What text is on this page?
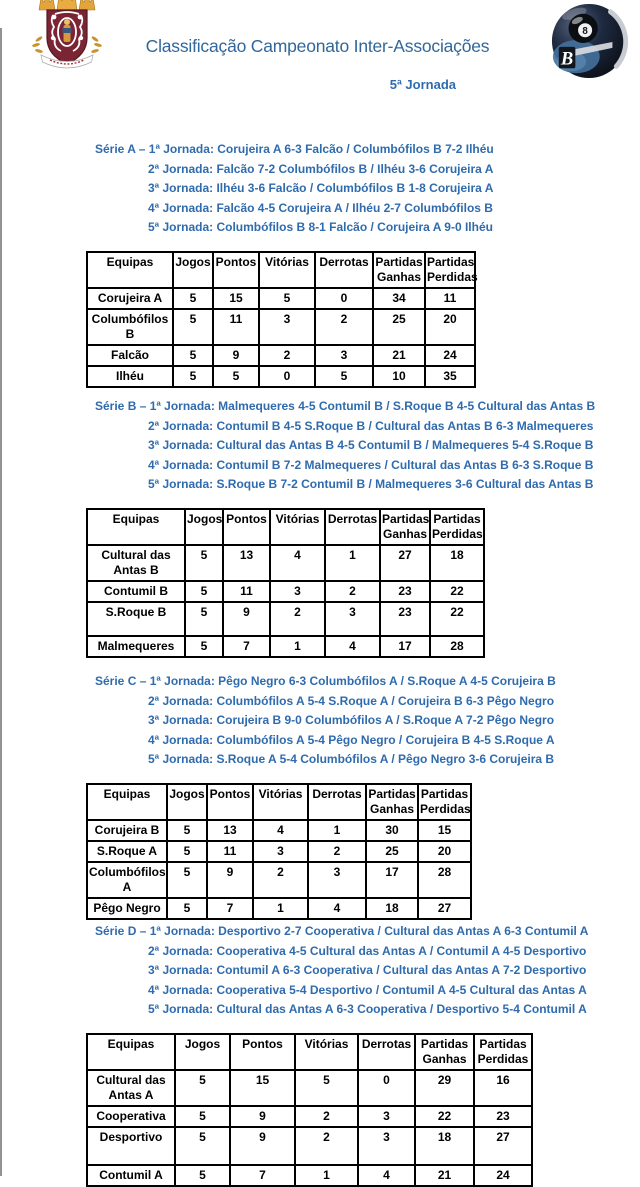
Classificação Campeonato Inter-Associações
8
B
5ª Jornada
Série A – 1ª Jornada: Corujeira A 6-3 Falcão / Columbófilos B 7-2 Ilhéu
2ª Jornada: Falcão 7-2 Columbófilos B / Ilhéu 3-6 Corujeira A
3ª Jornada: Ilhéu 3-6 Falcão / Columbófilos B 1-8 Corujeira A
4ª Jornada: Falcão 4-5 Corujeira A / Ilhéu 2-7 Columbófilos B
5ª Jornada: Columbófilos B 8-1 Falcão / Corujeira A 9-0 Ilhéu
Equipas	Jogos	Pontos	Vitórias	Derrotas	Partidas Ganhas	Partidas Perdidas
Corujeira A	5	15	5	0	34	11
Columbófilos B	5	11	3	2	25	20
Falcão	5	9	2	3	21	24
Ilhéu	5	5	0	5	10	35
Série B – 1ª Jornada: Malmequeres 4-5 Contumil B / S.Roque B 4-5 Cultural das Antas B
2ª Jornada: Contumil B 4-5 S.Roque B / Cultural das Antas B 6-3 Malmequeres
3ª Jornada: Cultural das Antas B 4-5 Contumil B / Malmequeres 5-4 S.Roque B
4ª Jornada: Contumil B 7-2 Malmequeres / Cultural das Antas B 6-3 S.Roque B
5ª Jornada: S.Roque B 7-2 Contumil B / Malmequeres 3-6 Cultural das Antas B
Equipas	Jogos	Pontos	Vitórias	Derrotas	Partidas Ganhas	Partidas Perdidas
Cultural das Antas B	5	13	4	1	27	18
Contumil B	5	11	3	2	23	22
S.Roque B	5	9	2	3	23	22
Malmequeres	5	7	1	4	17	28
Série C – 1ª Jornada: Pêgo Negro 6-3 Columbófilos A / S.Roque A 4-5 Corujeira B
2ª Jornada: Columbófilos A 5-4 S.Roque A / Corujeira B 6-3 Pêgo Negro
3ª Jornada: Corujeira B 9-0 Columbófilos A / S.Roque A 7-2 Pêgo Negro
4ª Jornada: Columbófilos A 5-4 Pêgo Negro / Corujeira B 4-5 S.Roque A
5ª Jornada: S.Roque A 5-4 Columbófilos A / Pêgo Negro 3-6 Corujeira B
Equipas	Jogos	Pontos	Vitórias	Derrotas	Partidas Ganhas	Partidas Perdidas
Corujeira B	5	13	4	1	30	15
S.Roque A	5	11	3	2	25	20
Columbófilos A	5	9	2	3	17	28
Pêgo Negro	5	7	1	4	18	27
Série D – 1ª Jornada: Desportivo 2-7 Cooperativa / Cultural das Antas A 6-3 Contumil A
2ª Jornada: Cooperativa 4-5 Cultural das Antas A / Contumil A 4-5 Desportivo
3ª Jornada: Contumil A 6-3 Cooperativa / Cultural das Antas A 7-2 Desportivo
4ª Jornada: Cooperativa 5-4 Desportivo / Contumil A 4-5 Cultural das Antas A
5ª Jornada: Cultural das Antas A 6-3 Cooperativa / Desportivo 5-4 Contumil A
Equipas	Jogos	Pontos	Vitórias	Derrotas	Partidas Ganhas	Partidas Perdidas
Cultural das Antas A	5	15	5	0	29	16
Cooperativa	5	9	2	3	22	23
Desportivo	5	9	2	3	18	27
Contumil A	5	7	1	4	21	24
